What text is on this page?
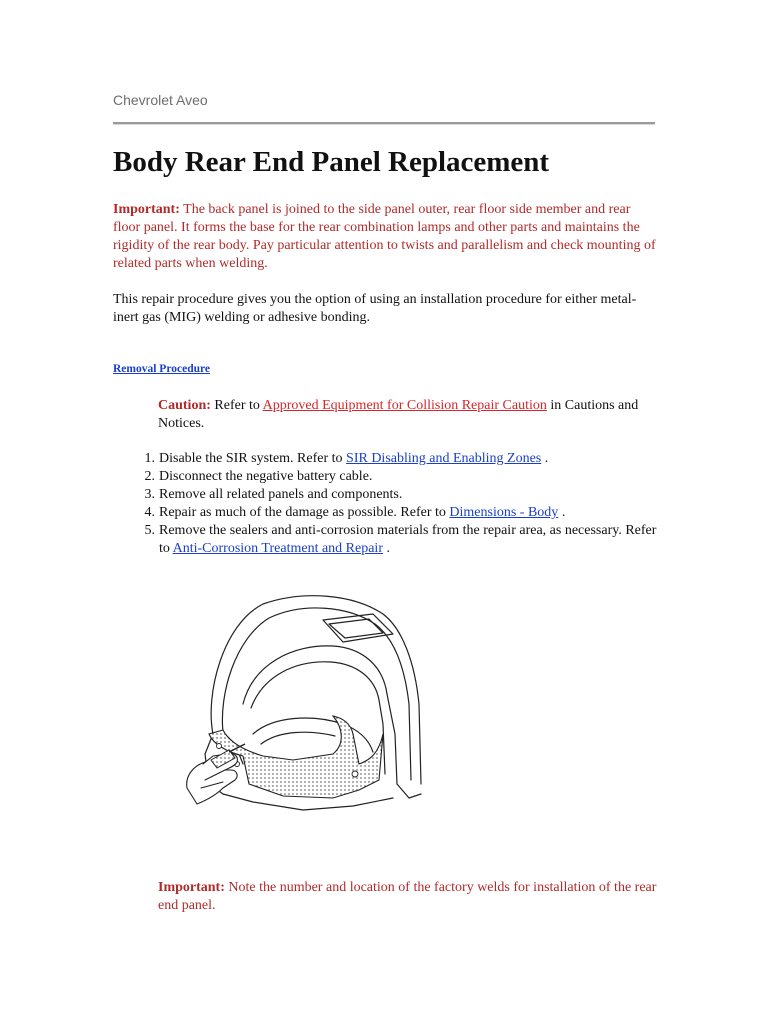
Chevrolet Aveo
Body Rear End Panel Replacement

Important: The back panel is joined to the side panel outer, rear floor side member and rear floor panel. It forms the base for the rear combination lamps and other parts and maintains the rigidity of the rear body. Pay particular attention to twists and parallelism and check mounting of related parts when welding.

This repair procedure gives you the option of using an installation procedure for either metal-inert gas (MIG) welding or adhesive bonding.

Removal Procedure

Caution: Refer to Approved Equipment for Collision Repair Caution in Cautions and Notices.

1. Disable the SIR system. Refer to SIR Disabling and Enabling Zones .
2. Disconnect the negative battery cable.
3. Remove all related panels and components.
4. Repair as much of the damage as possible. Refer to Dimensions - Body .
5. Remove the sealers and anti-corrosion materials from the repair area, as necessary. Refer to Anti-Corrosion Treatment and Repair .

Important: Note the number and location of the factory welds for installation of the rear end panel.
